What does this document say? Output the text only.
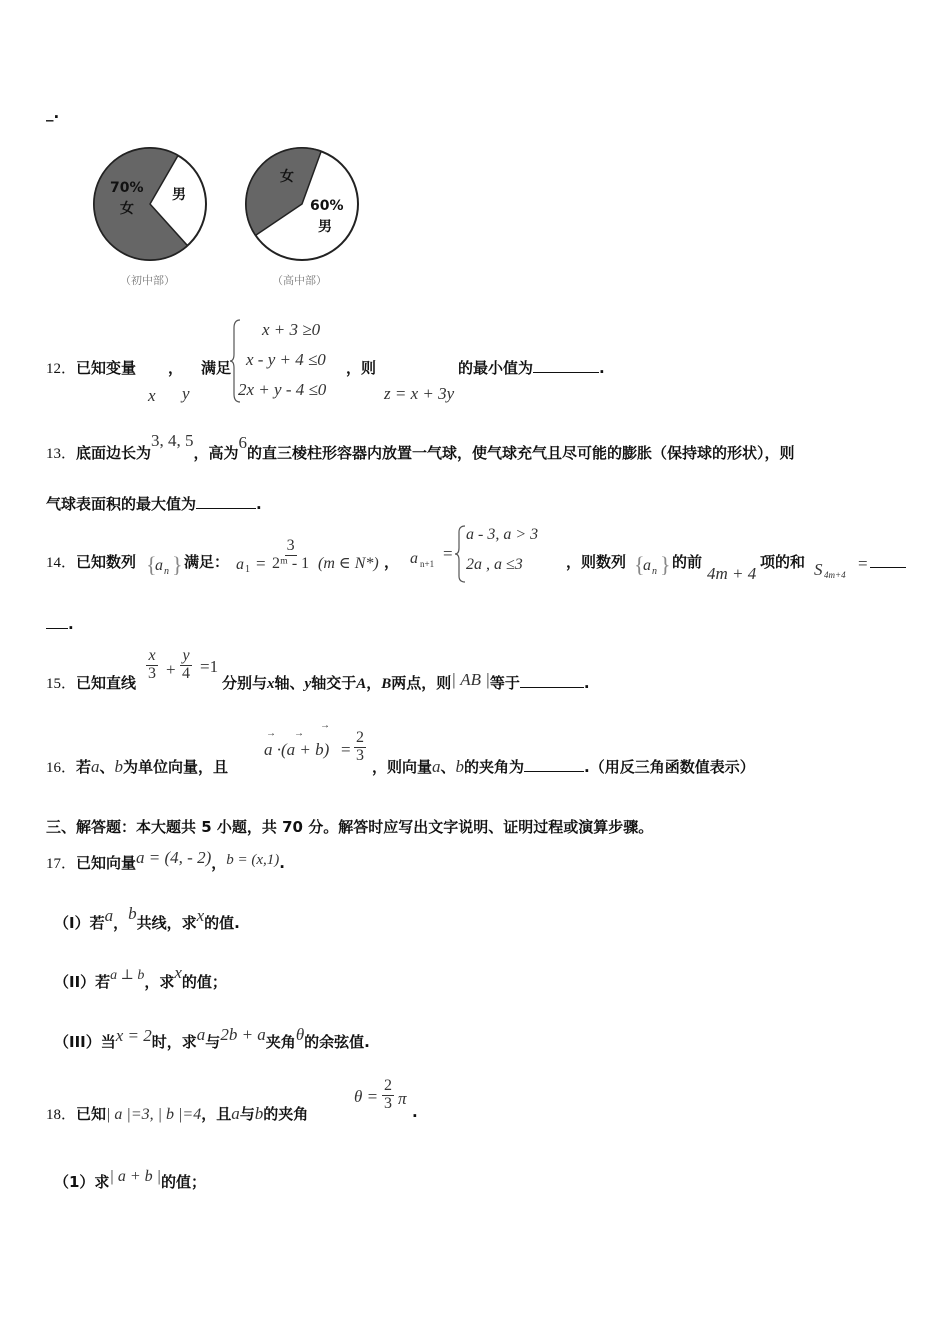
_.
（初中部）	（高中部）
70%
女
男
女
60%
男
12．已知变量 ， 满足
x y
x + 3 ≥0
x - y + 4 ≤0
2x + y - 4 ≤0
，则	的最小值为	.
z = x + 3y
13．底面边长为3, 4, 5，高为6的直三棱柱形容器内放置一气球，使气球充气且尽可能的膨胀（保持球的形状），则
气球表面积的最大值为	.
14．已知数列 {
a n } 满足： a $1 = \frac{3}{\text{2ᵐ - 1}} (m$ ∈ N*) ， a n+1
=
a - 3, a > 3
2a , a ≤3	，则数列 {
a n } 的前
4m + 4
项的和 S 4m+4
=
.
15．已知直线
$\frac{x}{3} + \frac{y}{4} =1$
分别与x轴、y轴交于A，B两点，则| AB |等于	.
16．若a、b为单位向量，且
→ →
→
$a \cdot(a + b) = \frac{2}{3}$
，则向量a、b的夹角为	.（用反三角函数值表示）
三、解答题：本大题共 5 小题，共 70 分。解答时应写出文字说明、证明过程或演算步骤。
17．已知向量a = (4, - 2)，b = (x,1).
（I）若a，b共线，求x的值.
（II）若a ⊥ b，求x的值；
（III）当x = 2时，求a与2b + a夹角θ的余弦值.
18．已知| a |=3, | b |=4，且a与b的夹角
$\theta = \frac{2}{3}$ π
.
（1）求| a + b |的值；
